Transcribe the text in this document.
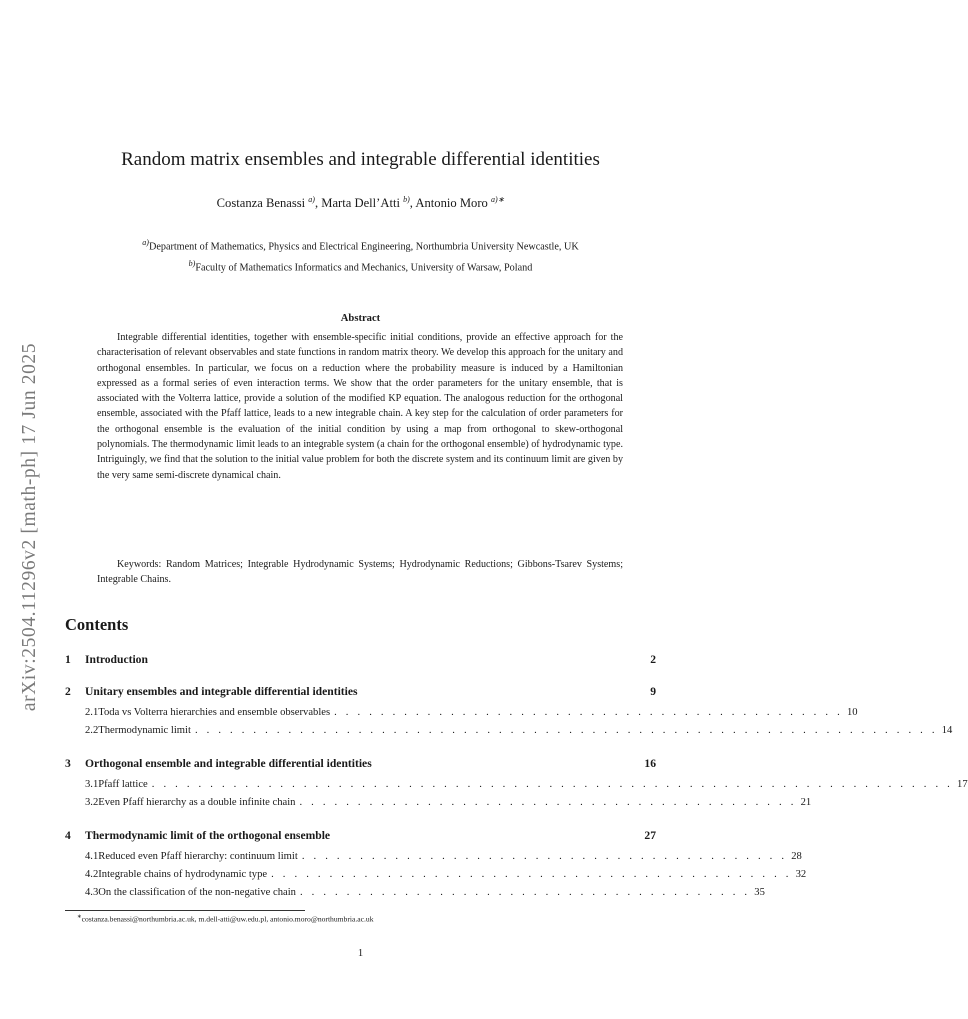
arXiv:2504.11296v2 [math-ph] 17 Jun 2025
Random matrix ensembles and integrable differential identities
Costanza Benassi $^{a)}$, Marta Dell’Atti $^{b)}$, Antonio Moro $^{a)∗}$
$^{a)}$Department of Mathematics, Physics and Electrical Engineering, Northumbria University Newcastle, UK
$^{b)}$Faculty of Mathematics Informatics and Mechanics, University of Warsaw, Poland
Abstract
Integrable differential identities, together with ensemble-specific initial conditions, provide an effective approach for the characterisation of relevant observables and state functions in random matrix theory. We develop this approach for the unitary and orthogonal ensembles. In particular, we focus on a reduction where the probability measure is induced by a Hamiltonian expressed as a formal series of even interaction terms. We show that the order parameters for the unitary ensemble, that is associated with the Volterra lattice, provide a solution of the modified KP equation. The analogous reduction for the orthogonal ensemble, associated with the Pfaff lattice, leads to a new integrable chain. A key step for the calculation of order parameters for the orthogonal ensemble is the evaluation of the initial condition by using a map from orthogonal to skew-orthogonal polynomials. The thermodynamic limit leads to an integrable system (a chain for the orthogonal ensemble) of hydrodynamic type. Intriguingly, we find that the solution to the initial value problem for both the discrete system and its continuum limit are given by the very same semi-discrete dynamical chain.
Keywords: Random Matrices; Integrable Hydrodynamic Systems; Hydrodynamic Reductions; Gibbons-Tsarev Systems; Integrable Chains.
Contents
1	Introduction	2
2	Unitary ensembles and integrable differential identities	9
2.1 Toda vs Volterra hierarchies and ensemble observables . . . . . . . . . . . . . . . . . . . . . . . . . . . . . . . . . . . . . . . . . . . . 10
2.2 Thermodynamic limit . . . . . . . . . . . . . . . . . . . . . . . . . . . . . . . . . . . . . . . . . . . . . . . . . . . . . . . . . . . . . . . . 14
3	Orthogonal ensemble and integrable differential identities	16
3.1 Pfaff lattice . . . . . . . . . . . . . . . . . . . . . . . . . . . . . . . . . . . . . . . . . . . . . . . . . . . . . . . . . . . . . . . . . . . . . 17
3.2 Even Pfaff hierarchy as a double infinite chain . . . . . . . . . . . . . . . . . . . . . . . . . . . . . . . . . . . . . . . . . . . 21
4	Thermodynamic limit of the orthogonal ensemble	27
4.1 Reduced even Pfaff hierarchy: continuum limit . . . . . . . . . . . . . . . . . . . . . . . . . . . . . . . . . . . . . . . . . . 28
4.2 Integrable chains of hydrodynamic type . . . . . . . . . . . . . . . . . . . . . . . . . . . . . . . . . . . . . . . . . . . . . 32
4.3 On the classification of the non-negative chain . . . . . . . . . . . . . . . . . . . . . . . . . . . . . . . . . . . . . . . 35
∗costanza.benassi@northumbria.ac.uk, m.dell-atti@uw.edu.pl, antonio.moro@northumbria.ac.uk
1
